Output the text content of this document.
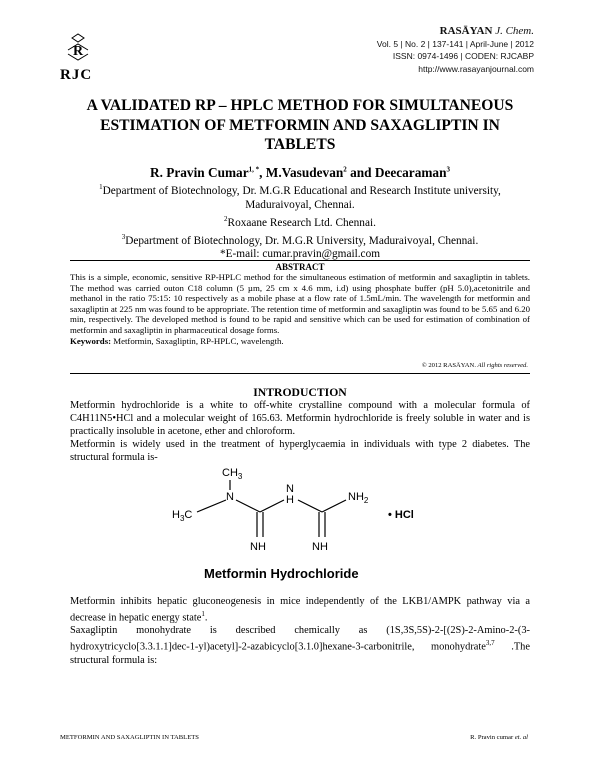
R
RJC
RASĀYAN J. Chem.
Vol. 5 | No. 2 | 137-141 | April-June | 2012
ISSN: 0974-1496 | CODEN: RJCABP
http://www.rasayanjournal.com
A VALIDATED RP – HPLC METHOD FOR SIMULTANEOUS
ESTIMATION OF METFORMIN AND SAXAGLIPTIN IN
TABLETS
R. Pravin Cumar$^{1, *}$, M.Vasudevan$^2$ and Deecaraman$^3$
$^1$Department of Biotechnology, Dr. M.G.R Educational and Research Institute university,
Maduraivoyal, Chennai.
$^2$Roxaane Research Ltd. Chennai.
$^3$Department of Biotechnology, Dr. M.G.R University, Maduraivoyal, Chennai.
*E-mail: cumar.pravin@gmail.com
ABSTRACT
This is a simple, economic, sensitive RP-HPLC method for the simultaneous estimation of metformin and saxagliptin in tablets. The method was carried outon C18 column (5 µm, 25 cm x 4.6 mm, i.d) using phosphate buffer (pH 5.0),acetonitrile and methanol in the ratio 75:15: 10 respectively as a mobile phase at a flow rate of 1.5mL/min. The wavelength for metformin and saxagliptin at 225 nm was found to be appropriate. The retention time of metformin and saxagliptin was found to be 5.65 and 6.20 min, respectively. The developed method is found to be rapid and sensitive which can be used for estimation of combination of metformin and saxagliptin in pharmaceutical dosage forms.
Keywords: Metformin, Saxagliptin, RP-HPLC, wavelength.
© 2012 RASĀYAN. All rights reserved.
INTRODUCTION

Metformin hydrochloride is a white to off-white crystalline compound with a molecular formula of C4H11N5•HCl and a molecular weight of 165.63. Metformin hydrochloride is freely soluble in water and is practically insoluble in acetone, ether and chloroform.

Metformin is widely used in the treatment of hyperglycaemia in individuals with type 2 diabetes. The structural formula is-

$CH_3$
N
N
H	$NH_2$
$H_3C$
NH	NH
• HCl
Metformin Hydrochloride

Metformin inhibits hepatic gluconeogenesis in mice independently of the LKB1/AMPK pathway via a decrease in hepatic energy state$^1$.

Saxagliptin monohydrate is described chemically as (1S,3S,5S)-2-[(2S)-2-Amino-2-(3-hydroxytricyclo[3.3.1.1]dec-1-yl)acetyl]-2-azabicyclo[3.1.0]hexane-3-carbonitrile, monohydrate$^{3,7}$ .The structural formula is:

METFORMIN AND SAXAGLIPTIN IN TABLETS	R. Pravin cumar et. al
